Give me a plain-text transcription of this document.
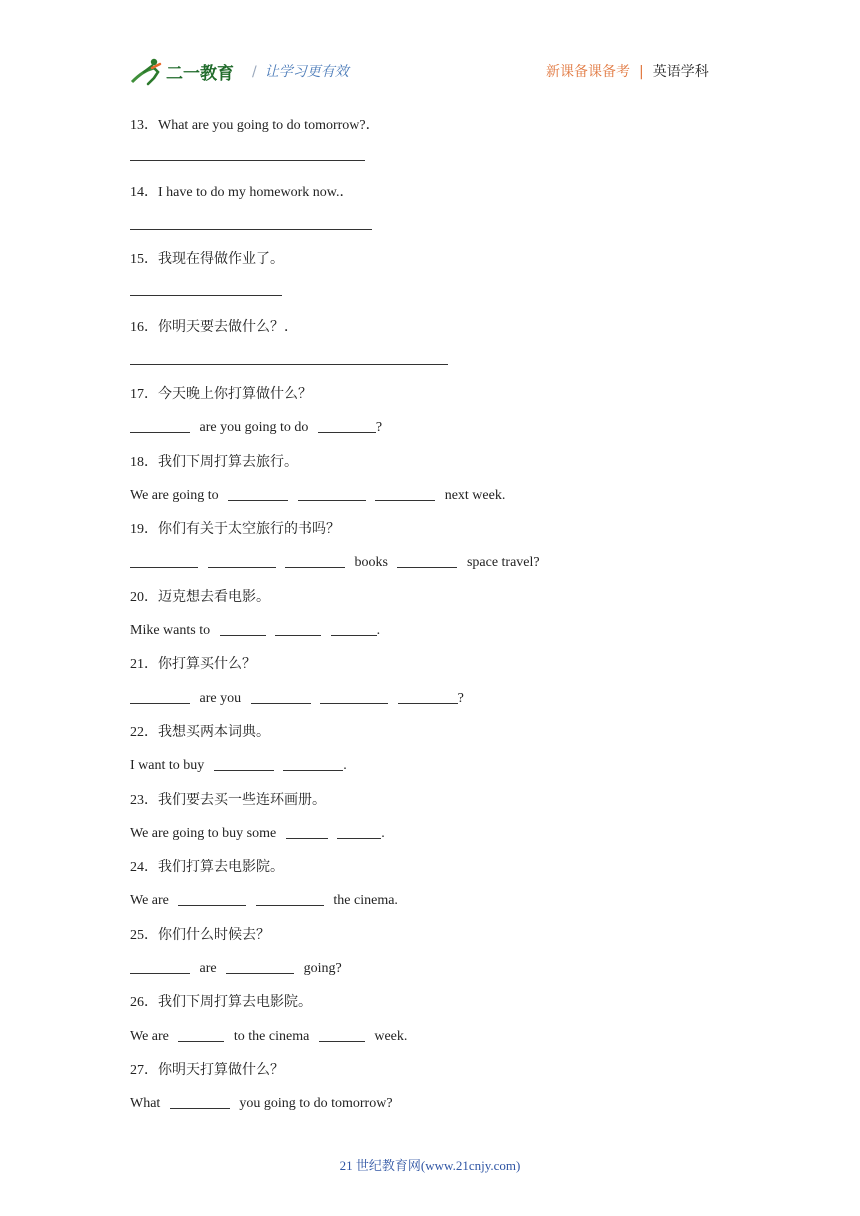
二一教育 / 让学习更有效	新课备课备考 | 英语学科
13．What are you going to do tomorrow?．
14．I have to do my homework now.．
15．我现在得做作业了。
16．你明天要去做什么？．
17．今天晚上你打算做什么？
are you going to do	?
18．我们下周打算去旅行。
We are going to	next week.
19．你们有关于太空旅行的书吗？
books	space travel?
20．迈克想去看电影。
Mike wants to	.
21．你打算买什么？
are you	?
22．我想买两本词典。
I want to buy	.
23．我们要去买一些连环画册。
We are going to buy some	.
24．我们打算去电影院。
We are	the cinema.
25．你们什么时候去？
are	going?
26．我们下周打算去电影院。
We are	to the cinema	week.
27．你明天打算做什么？
What	you going to do tomorrow?
21 世纪教育网(www.21cnjy.com)
